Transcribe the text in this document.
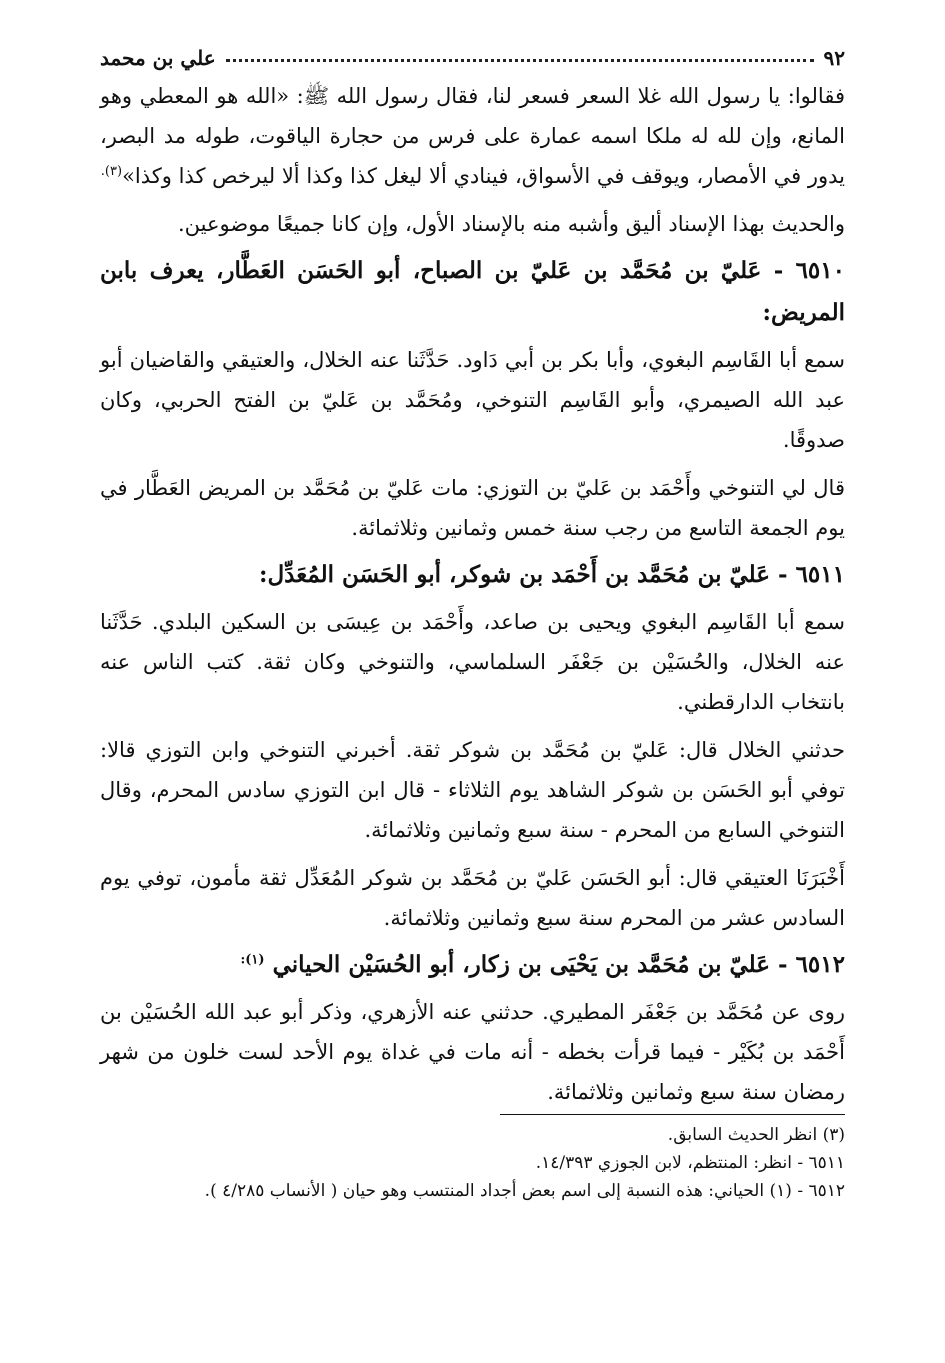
٩٢
علي بن محمد

فقالوا: يا رسول الله غلا السعر فسعر لنا، فقال رسول الله ﷺ: «الله هو المعطي وهو المانع، وإن لله له ملكا اسمه عمارة على فرس من حجارة الياقوت، طوله مد البصر، يدور في الأمصار، ويوقف في الأسواق، فينادي ألا ليغل كذا وكذا ألا ليرخص كذا وكذا»$^{(٣).}$

والحديث بهذا الإسناد أليق وأشبه منه بالإسناد الأول، وإن كانا جميعًا موضوعين.

٦٥١٠ - عَليّ بن مُحَمَّد بن عَليّ بن الصباح، أبو الحَسَن العَطَّار، يعرف بابن المريض:

سمع أبا القَاسِم البغوي، وأبا بكر بن أبي دَاود. حَدَّثَنا عنه الخلال، والعتيقي والقاضيان أبو عبد الله الصيمري، وأبو القَاسِم التنوخي، ومُحَمَّد بن عَليّ بن الفتح الحربي، وكان صدوقًا.

قال لي التنوخي وأَحْمَد بن عَليّ بن التوزي: مات عَليّ بن مُحَمَّد بن المريض العَطَّار في يوم الجمعة التاسع من رجب سنة خمس وثمانين وثلاثمائة.

٦٥١١ - عَليّ بن مُحَمَّد بن أَحْمَد بن شوكر، أبو الحَسَن المُعَدِّل:

سمع أبا القَاسِم البغوي ويحيى بن صاعد، وأَحْمَد بن عِيسَى بن السكين البلدي. حَدَّثَنا عنه الخلال، والحُسَيْن بن جَعْفَر السلماسي، والتنوخي وكان ثقة. كتب الناس عنه بانتخاب الدارقطني.

حدثني الخلال قال: عَليّ بن مُحَمَّد بن شوكر ثقة. أخبرني التنوخي وابن التوزي قالا: توفي أبو الحَسَن بن شوكر الشاهد يوم الثلاثاء - قال ابن التوزي سادس المحرم، وقال التنوخي السابع من المحرم - سنة سبع وثمانين وثلاثمائة.

أَخْبَرَنَا العتيقي قال: أبو الحَسَن عَليّ بن مُحَمَّد بن شوكر المُعَدِّل ثقة مأمون، توفي يوم السادس عشر من المحرم سنة سبع وثمانين وثلاثمائة.

٦٥١٢ - عَليّ بن مُحَمَّد بن يَحْيَى بن زكار، أبو الحُسَيْن الحياني $^{(١):}$

روى عن مُحَمَّد بن جَعْفَر المطيري. حدثني عنه الأزهري، وذكر أبو عبد الله الحُسَيْن بن أَحْمَد بن بُكَيْر - فيما قرأت بخطه - أنه مات في غداة يوم الأحد لست خلون من شهر رمضان سنة سبع وثمانين وثلاثمائة.

(٣) انظر الحديث السابق.
٦٥١١ - انظر: المنتظم، لابن الجوزي ١٤/٣٩٣.
٦٥١٢ - (١) الحياني: هذه النسبة إلى اسم بعض أجداد المنتسب وهو حيان ( الأنساب ٤/٢٨٥ ).
